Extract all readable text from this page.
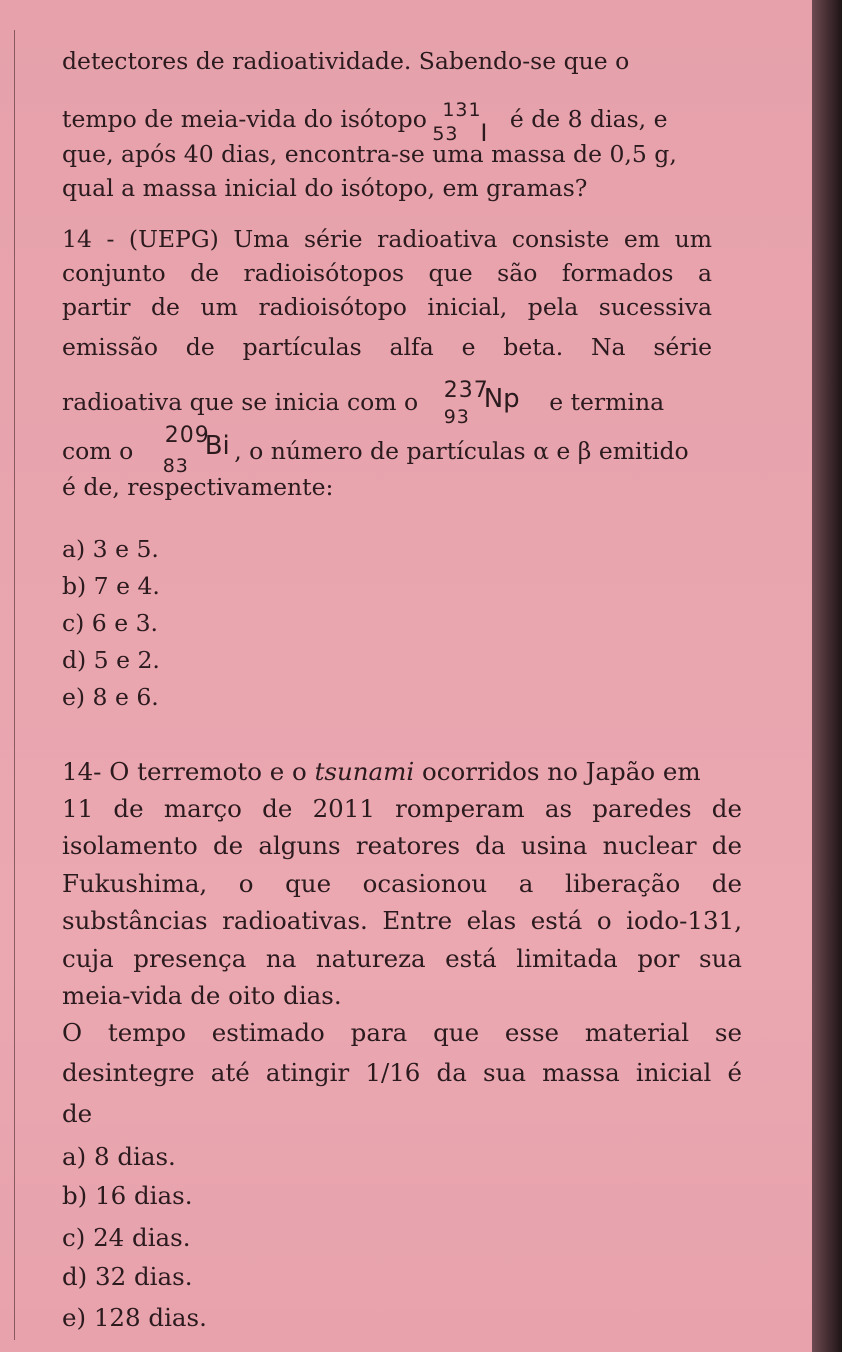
detectores de radioatividade. Sabendo-se que o
tempo de meia-vida do isótopo 131
53 I é de 8 dias, e
que, após 40 dias, encontra-se uma massa de 0,5 g,
qual a massa inicial do isótopo, em gramas?
14 - (UEPG) Uma série radioativa consiste em um
conjunto de radioisótopos que são formados a
partir de um radioisótopo inicial, pela sucessiva
emissão de partículas alfa e beta. Na série
radioativa que se inicia com o 237
93
Np e termina
com o
209
83
Bi , o número de partículas α e β emitido
é de, respectivamente:
a) 3 e 5.
b) 7 e 4.
c) 6 e 3.
d) 5 e 2.
e) 8 e 6.
14- O terremoto e o tsunami ocorridos no Japão em
11 de março de 2011 romperam as paredes de
isolamento de alguns reatores da usina nuclear de
Fukushima, o que ocasionou a liberação de
substâncias radioativas. Entre elas está o iodo-131,
cuja presença na natureza está limitada por sua
meia-vida de oito dias.
O tempo estimado para que esse material se
desintegre até atingir 1/16 da sua massa inicial é
de
a) 8 dias.
b) 16 dias.
c) 24 dias.
d) 32 dias.
e) 128 dias.
